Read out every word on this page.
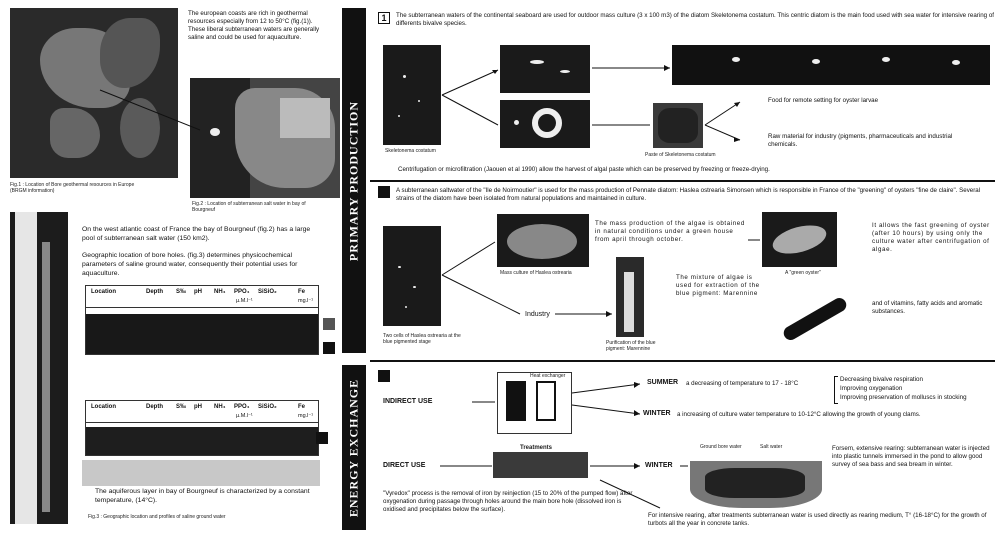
The european coasts are rich in geothermal resources especially from 12 to 50°C (fig.(1)). These liberal subterranean waters are generally saline and could be used for aquaculture.
Fig.1 : Location of Bore geothermal resources in Europe (BRGM information)
Fig.2 : Location of subterranean salt water in bay of Bourgneuf
On the west atlantic coast of France the bay of Bourgneuf (fig.2) has a large pool of subterranean salt water (150 km2).
Geographic location of bore holes. (fig.3) determines physicochemical parameters of saline ground water, consequently their potential uses for aquaculture.
Location	Depth S‰ pH NH₄ PPO₄ SiSiO₂	Fe
µ.M.l⁻¹	mg.l⁻¹
Location	Depth S‰ pH NH₄ PPO₄ SiSiO₂	Fe
µ.M.l⁻¹	mg.l⁻¹
The aquiferous layer in bay of Bourgneuf is characterized by a constant temperature, (14°C).
Fig.3 : Geographic location and profiles of saline ground water
PRIMARY PRODUCTION
ENERGY EXCHANGE
1	The subterranean waters of the continental seaboard are used for outdoor mass culture (3 x 100 m3) of the diatom Skeletonema costatum. This centric diatom is the main food used with sea water for intensive rearing of differents bivalve species.
Skeletonema costatum
Paste of Skeletonema costatum
Food for remote setting for oyster larvae
Raw material for industry (pigments, pharmaceuticals and industrial chemicals.
Centrifugation or microfiltration (Jaouen et al 1990) allow the harvest of algal paste which can be preserved by freezing or freeze-drying.
A subterranean saltwater of the "Ile de Noirmoutier" is used for the mass production of Pennate diatom: Haslea ostrearia Simonsen which is responsible in France of the "greening" of oysters "fine de claire". Several strains of the diatom have been isolated from natural populations and maintained in culture.
Two cells of Haslea ostrearia at the blue pigmented stage
Mass culture of Haslea ostrearia
The mass production of the algae is obtained in natural conditions under a green house from april through october.
A "green oyster"
It allows the fast greening of oyster (after 10 hours) by using only the culture water after centrifugation of algae.
Industry
Purification of the blue pigment: Marennine
The mixture of algae is used for extraction of the blue pigment: Marennine
and of vitamins, fatty acids and aromatic substances.
INDIRECT USE
DIRECT USE
Heat exchanger
Treatments
SUMMER a decreasing of temperature to 17 - 18°C
Decreasing bivalve respiration
Improving oxygenation
Improving preservation of molluscs in stocking
WINTER a increasing of culture water temperature to 10-12°C allowing the growth of young clams.
WINTER
Ground bore water	Salt water	Forsem, extensive rearing: subterranean water is injected into plastic tunnels immersed in the pond to allow good survey of sea bass and sea bream in winter.
"Vyredox" process is the removal of iron by reinjection (15 to 20% of the pumped flow) after oxygenation during passage through holes around the main bore hole (dissolved iron is oxidised and precipitates below the surface).
For intensive rearing, after treatments subterranean water is used directly as rearing medium, T° (16-18°C) for the growth of turbots all the year in concrete tanks.
